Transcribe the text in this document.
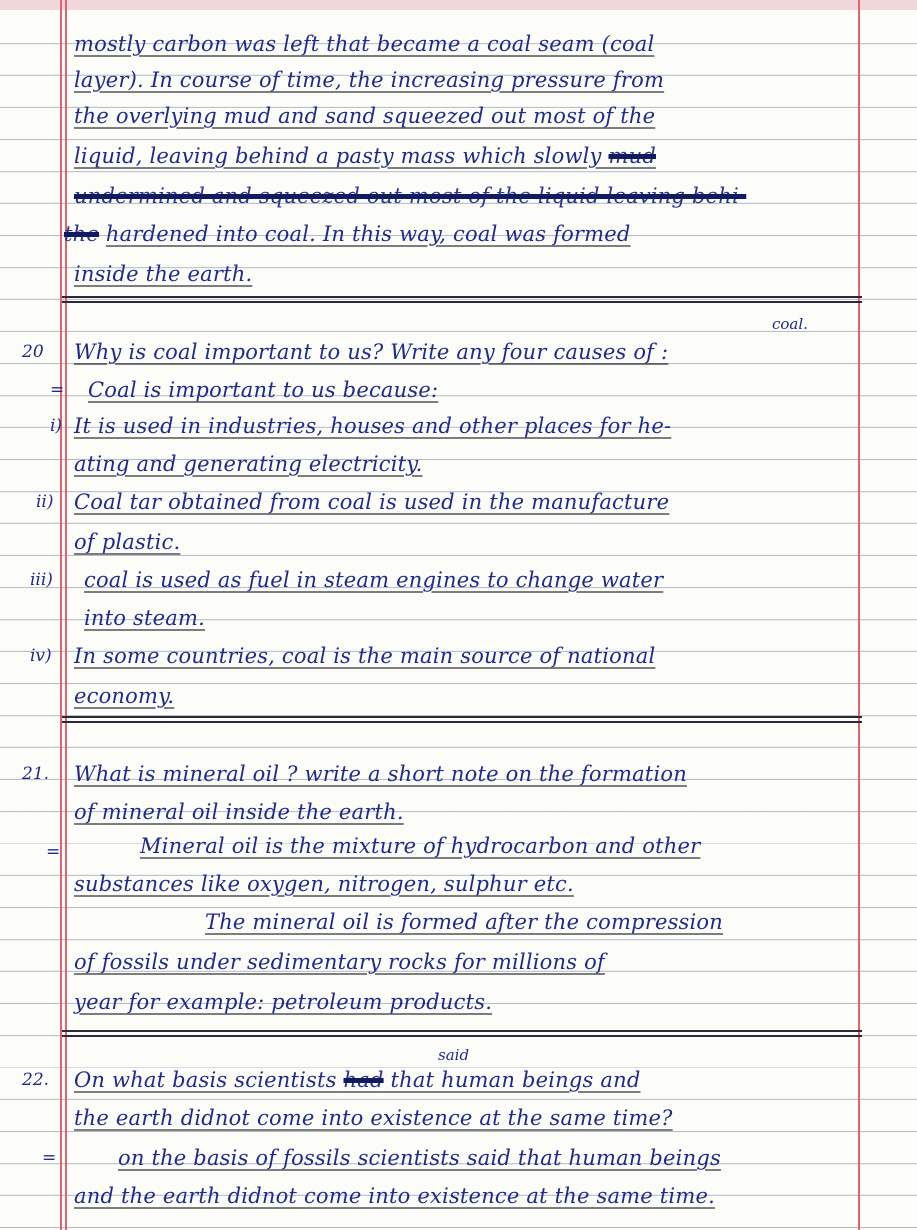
mostly carbon was left that became a coal seam (coal
layer). In course of time, the increasing pressure from
the overlying mud and sand squeezed out most of the
liquid, leaving behind a pasty mass which slowly mud
undermined and squeezed out most of the liquid leaving behi-
the hardened into coal. In this way, coal was formed
inside the earth.
coal.
20 Why is coal important to us? Write any four causes of :
= Coal is important to us because:
i) It is used in industries, houses and other places for he-
ating and generating electricity.
ii) Coal tar obtained from coal is used in the manufacture
of plastic.
iii) coal is used as fuel in steam engines to change water
into steam.
iv) In some countries, coal is the main source of national
economy.
21. What is mineral oil ? write a short note on the formation
of mineral oil inside the earth.
=	Mineral oil is the mixture of hydrocarbon and other
substances like oxygen, nitrogen, sulphur etc.
The mineral oil is formed after the compression
of fossils under sedimentary rocks for millions of
year for example: petroleum products.
said
22. On what basis scientists had that human beings and
the earth didnot come into existence at the same time?
=	on the basis of fossils scientists said that human beings
and the earth didnot come into existence at the same time.
